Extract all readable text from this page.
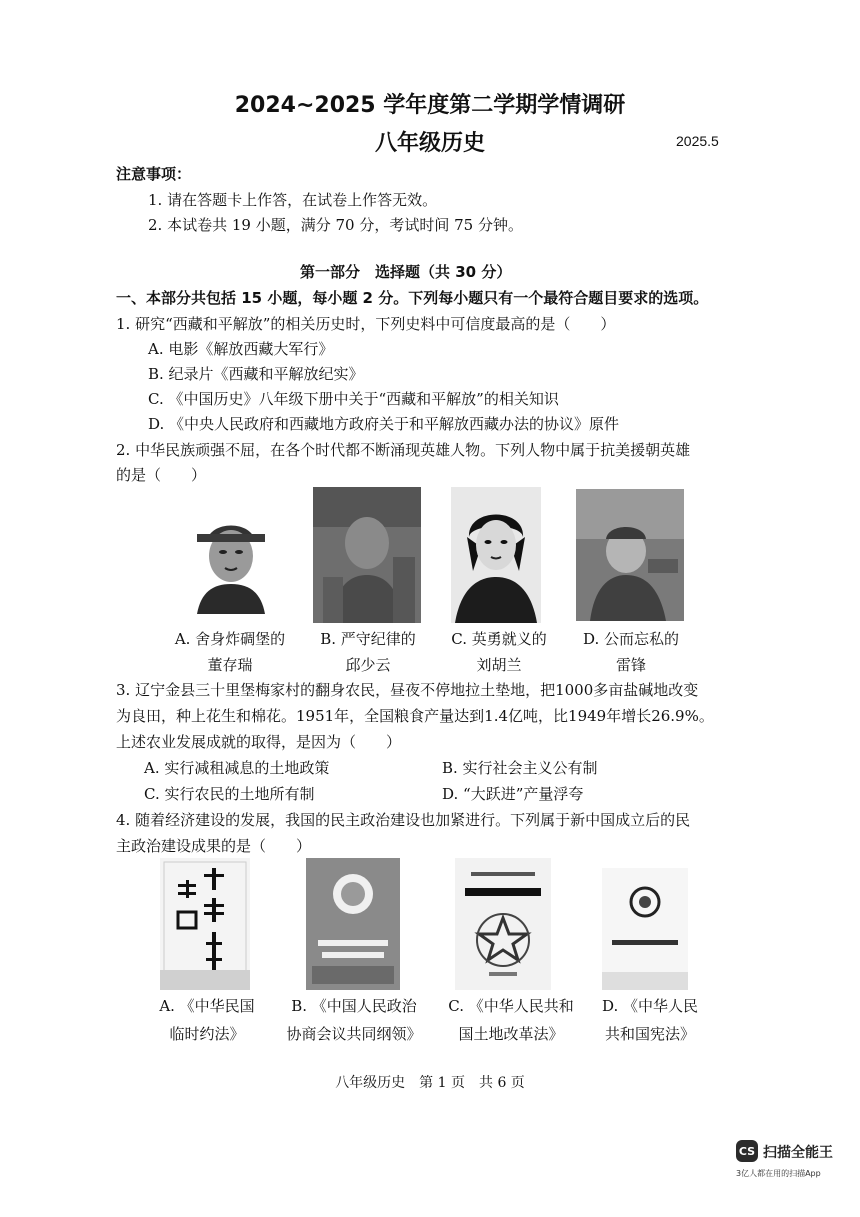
2024~2025 学年度第二学期学情调研
八年级历史	2025.5
注意事项：
1. 请在答题卡上作答，在试卷上作答无效。
2. 本试卷共 19 小题，满分 70 分，考试时间 75 分钟。
第一部分　选择题（共 30 分）
一、本部分共包括 15 小题，每小题 2 分。下列每小题只有一个最符合题目要求的选项。
1. 研究“西藏和平解放”的相关历史时，下列史料中可信度最高的是（　　）
A. 电影《解放西藏大军行》
B. 纪录片《西藏和平解放纪实》
C. 《中国历史》八年级下册中关于“西藏和平解放”的相关知识
D. 《中央人民政府和西藏地方政府关于和平解放西藏办法的协议》原件
2. 中华民族顽强不屈，在各个时代都不断涌现英雄人物。下列人物中属于抗美援朝英雄
的是（　　）
A. 舍身炸碉堡的
董存瑞
B. 严守纪律的
邱少云
C. 英勇就义的
刘胡兰
D. 公而忘私的
雷锋
3. 辽宁金县三十里堡梅家村的翻身农民，昼夜不停地拉土垫地，把1000多亩盐碱地改变
为良田，种上花生和棉花。1951年，全国粮食产量达到1.4亿吨，比1949年增长26.9%。
上述农业发展成就的取得，是因为（　　）
A. 实行减租减息的土地政策	B. 实行社会主义公有制
C. 实行农民的土地所有制	D. “大跃进”产量浮夸
4. 随着经济建设的发展，我国的民主政治建设也加紧进行。下列属于新中国成立后的民
主政治建设成果的是（　　）
A. 《中华民国
临时约法》
B. 《中国人民政治
协商会议共同纲领》
C. 《中华人民共和
国土地改革法》
D. 《中华人民
共和国宪法》
八年级历史　第 1 页　共 6 页
CS 扫描全能王
3亿人都在用的扫描App
